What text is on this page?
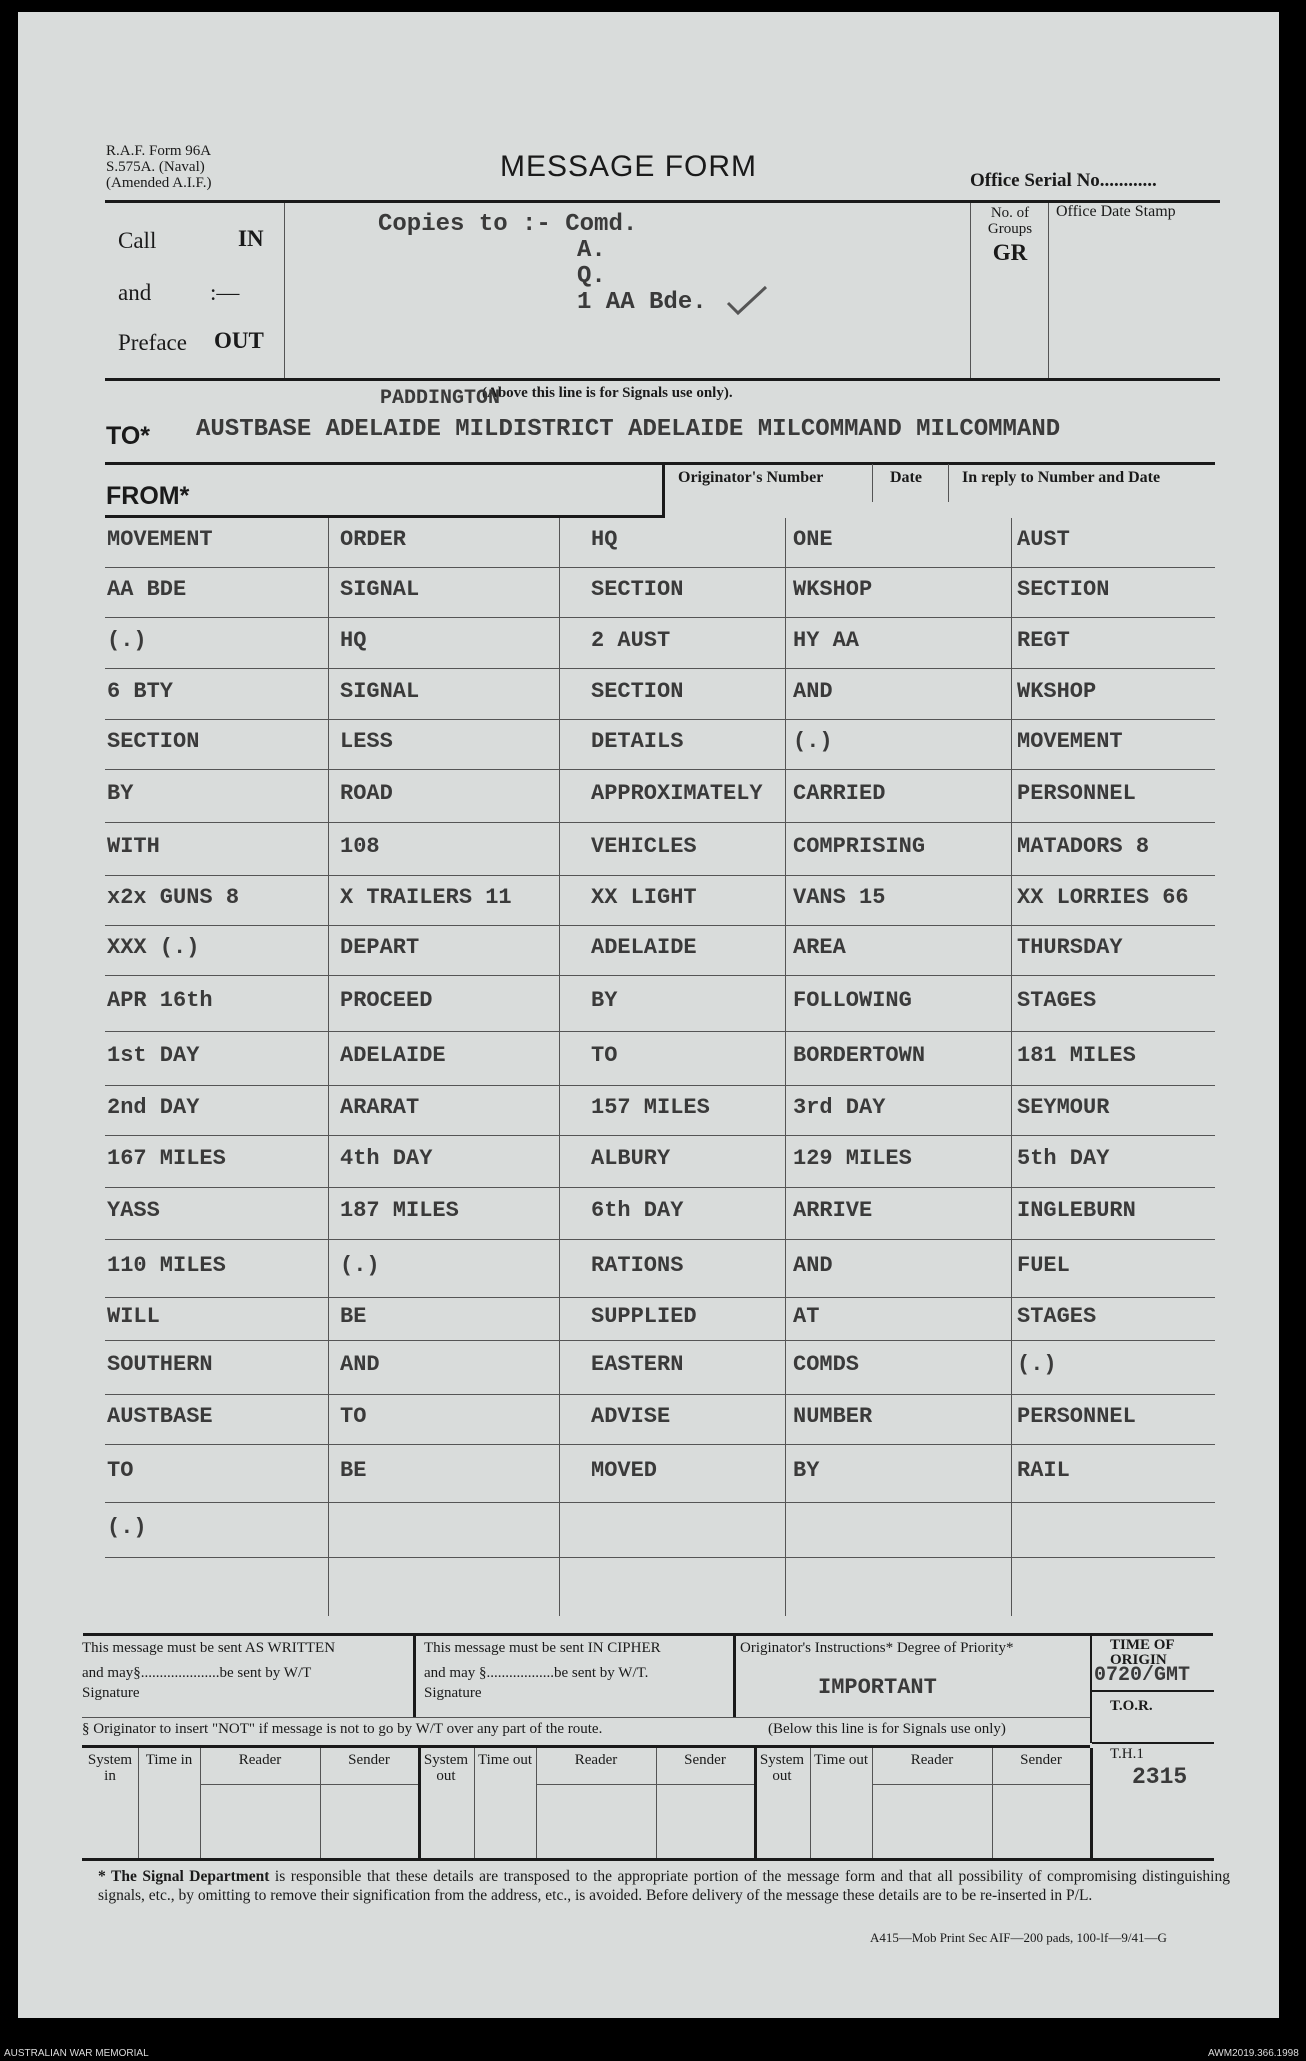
R.A.F. Form 96A
S.575A. (Naval)
(Amended A.I.F.)	MESSAGE FORM	Office Serial No............
Call	IN
and	:—
Preface OUT
Copies to :- Comd.
A.
Q.
1 AA Bde.
No. of Groups
GR
Office Date Stamp
(Above this line is for Signals use only).
PADDINGTON
TO* AUSTBASE ADELAIDE MILDISTRICT ADELAIDE MILCOMMAND MILCOMMAND
FROM*
Originator's Number	Date	In reply to Number and Date
MOVEMENT	ORDER	HQ	ONE	AUST
AA BDE	SIGNAL	SECTION	WKSHOP	SECTION
(.)	HQ	2 AUST	HY AA	REGT
6 BTY	SIGNAL	SECTION	AND	WKSHOP
SECTION	LESS	DETAILS	(.)	MOVEMENT
BY	ROAD	APPROXIMATELY	CARRIED	PERSONNEL
WITH	108	VEHICLES	COMPRISING	MATADORS 8
x2x GUNS 8	X TRAILERS 11	XX LIGHT	VANS 15	XX LORRIES 66
XXX (.)	DEPART	ADELAIDE	AREA	THURSDAY
APR 16th	PROCEED	BY	FOLLOWING	STAGES
1st DAY	ADELAIDE	TO	BORDERTOWN	181 MILES
2nd DAY	ARARAT	157 MILES	3rd DAY	SEYMOUR
167 MILES	4th DAY	ALBURY	129 MILES	5th DAY
YASS	187 MILES	6th DAY	ARRIVE	INGLEBURN
110 MILES	(.)	RATIONS	AND	FUEL
WILL	BE	SUPPLIED	AT	STAGES
SOUTHERN	AND	EASTERN	COMDS	(.)
AUSTBASE	TO	ADVISE	NUMBER	PERSONNEL
TO	BE	MOVED	BY	RAIL
(.)
This message must be sent AS WRITTEN
and may§.....................be sent by W/T
Signature
This message must be sent IN CIPHER
and may §..................be sent by W/T.
Signature
Originator's Instructions* Degree of Priority*
IMPORTANT
TIME OF ORIGIN
0720/GMT
T.O.R.
T.H.1
2315
§ Originator to insert "NOT" if message is not to go by W/T over any part of the route.	(Below this line is for Signals use only)
System in
Time in	Reader	Sender	System out
Time out	Reader	Sender	System out
Time out	Reader	Sender
* The Signal Department is responsible that these details are transposed to the appropriate portion of the message form and that all possibility of compromising distinguishing signals, etc., by omitting to remove their signification from the address, etc., is avoided. Before delivery of the message these details are to be re-inserted in P/L.
A415—Mob Print Sec AIF—200 pads, 100-lf—9/41—G
AUSTRALIAN WAR MEMORIAL	AWM2019.366.1998
